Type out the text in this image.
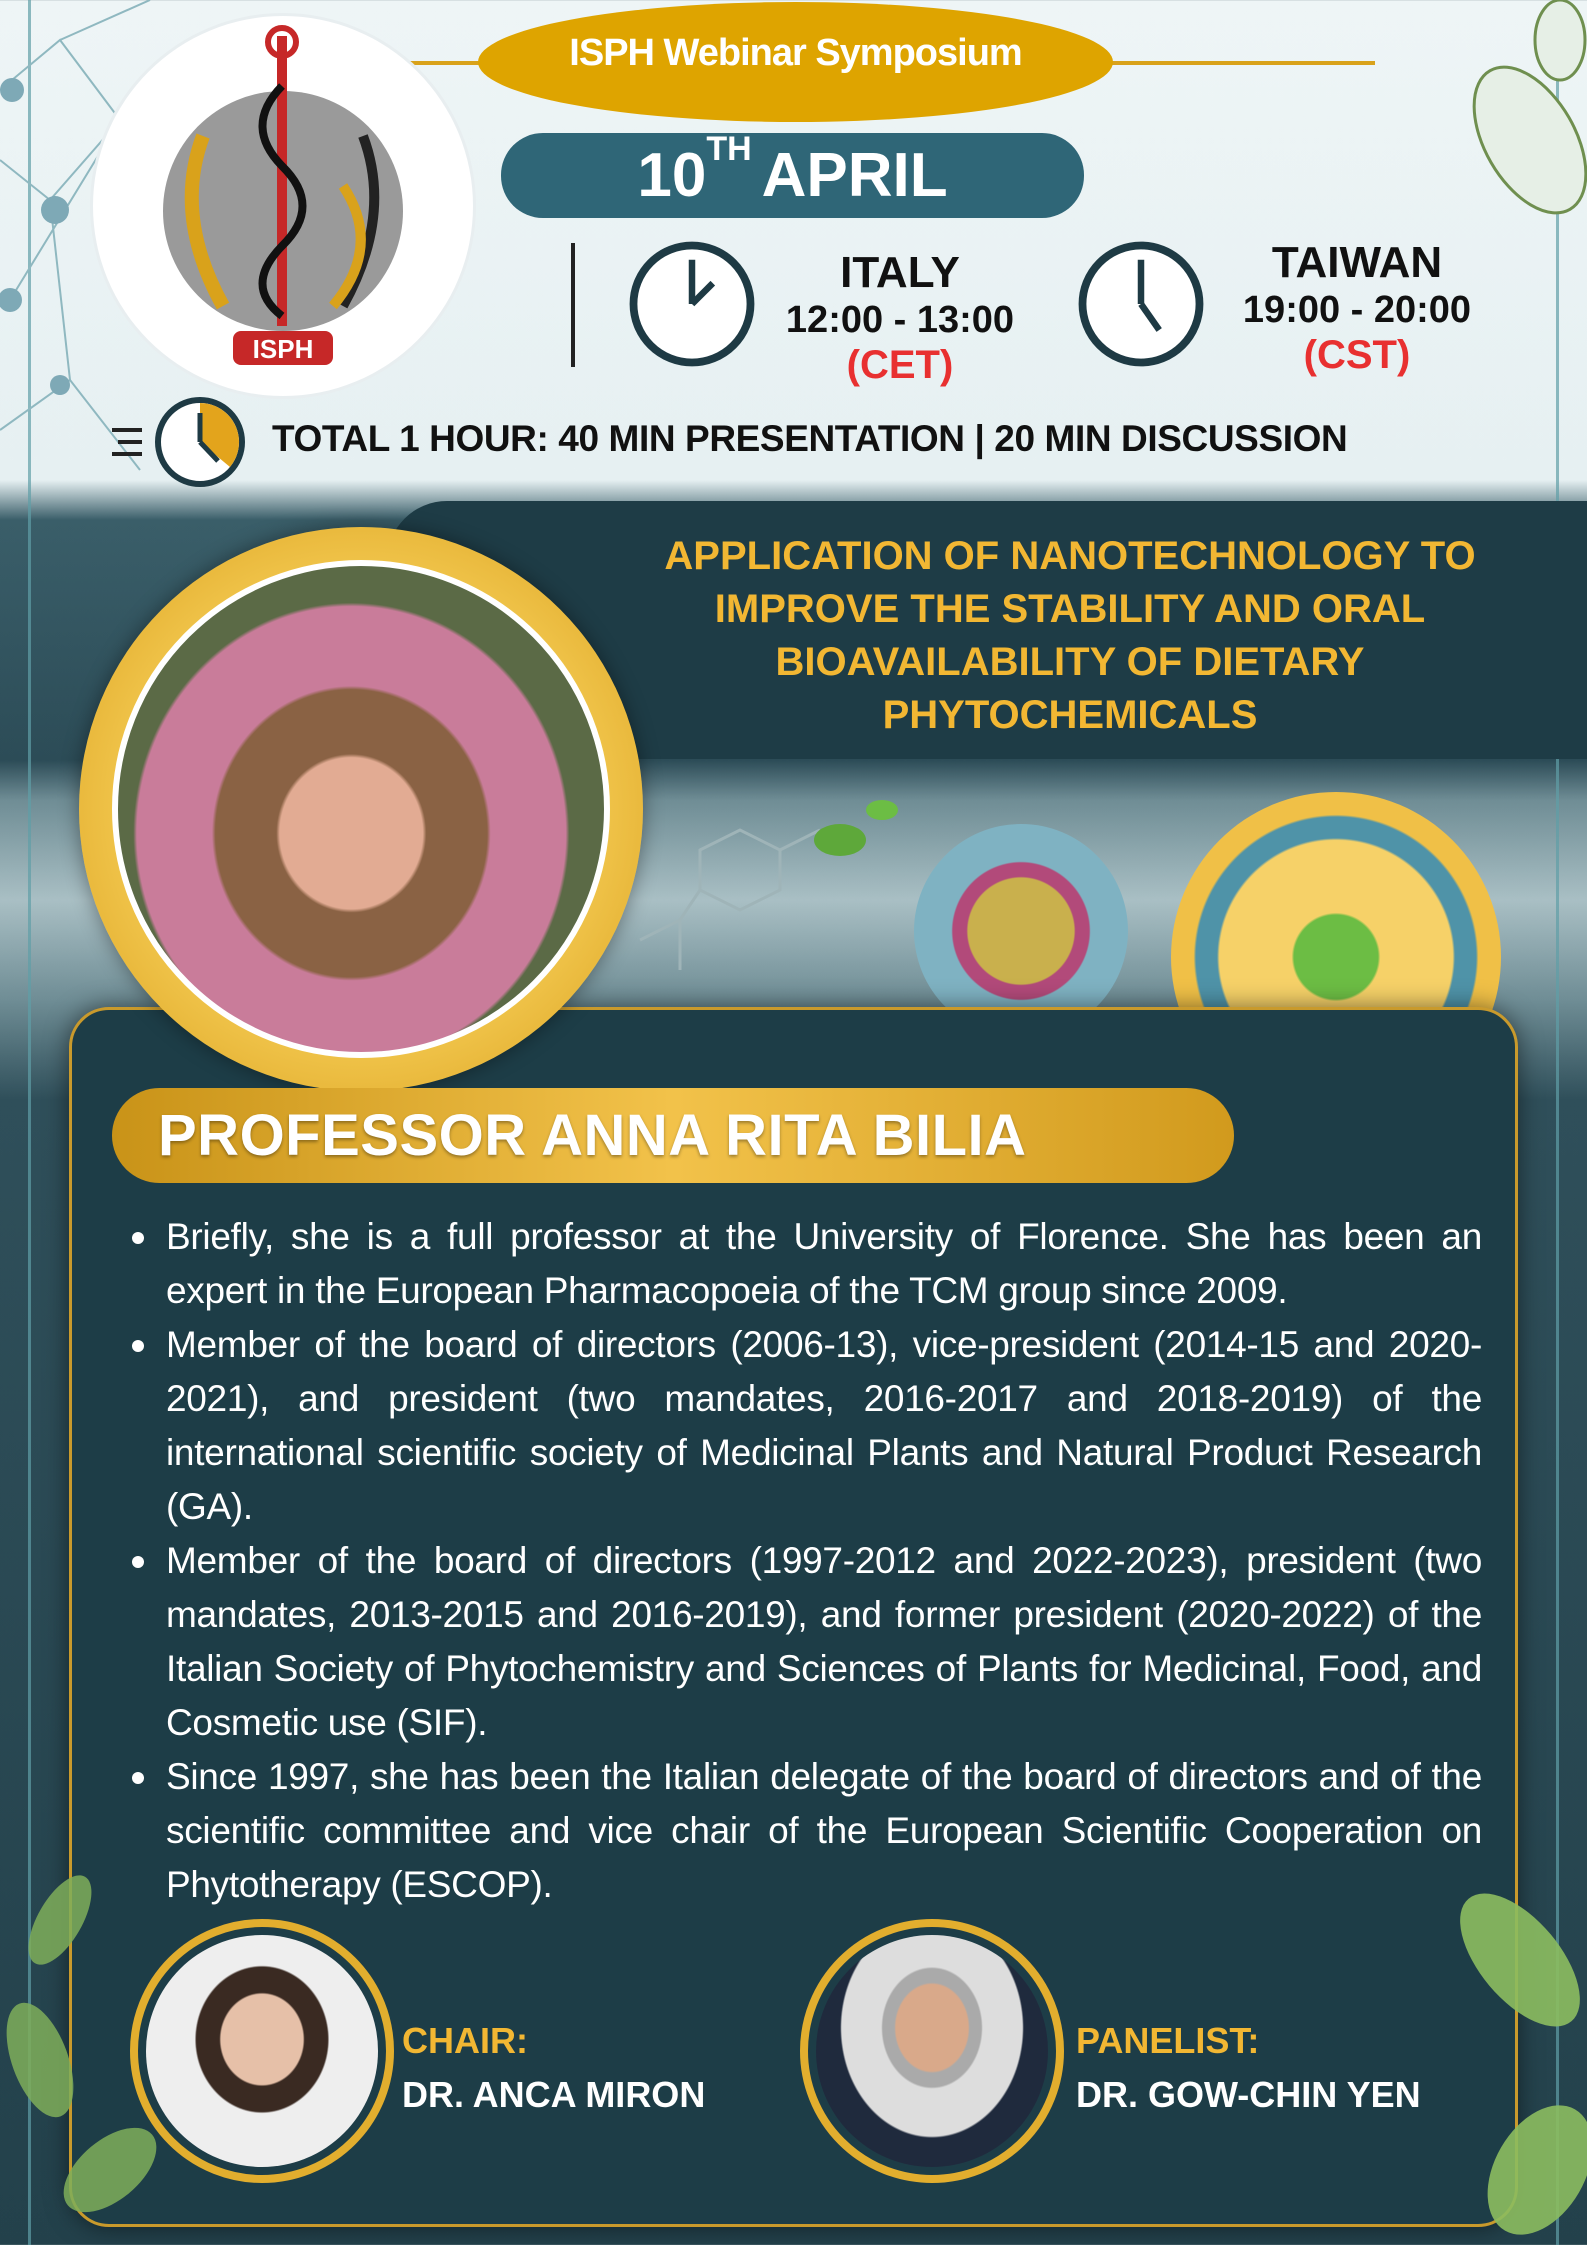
ISPH Webinar Symposium
ISPH
10TH APRIL
ITALY
12:00 - 13:00
(CET)
TAIWAN
19:00 - 20:00
(CST)
TOTAL 1 HOUR: 40 MIN PRESENTATION | 20 MIN DISCUSSION
APPLICATION OF NANOTECHNOLOGY TO IMPROVE THE STABILITY AND ORAL BIOAVAILABILITY OF DIETARY PHYTOCHEMICALS
PROFESSOR ANNA RITA BILIA
Briefly, she is a full professor at the University of Florence. She has been an expert in the European Pharmacopoeia of the TCM group since 2009.
Member of the board of directors (2006-13), vice-president (2014-15 and 2020-2021), and president (two mandates, 2016-2017 and 2018-2019) of the international scientific society of Medicinal Plants and Natural Product Research (GA).
Member of the board of directors (1997-2012 and 2022-2023), president (two mandates, 2013-2015 and 2016-2019), and former president (2020-2022) of the Italian Society of Phytochemistry and Sciences of Plants for Medicinal, Food, and Cosmetic use (SIF).
Since 1997, she has been the Italian delegate of the board of directors and of the scientific committee and vice chair of the European Scientific Cooperation on Phytotherapy (ESCOP).
CHAIR:
DR. ANCA MIRON
PANELIST:
DR. GOW-CHIN YEN
